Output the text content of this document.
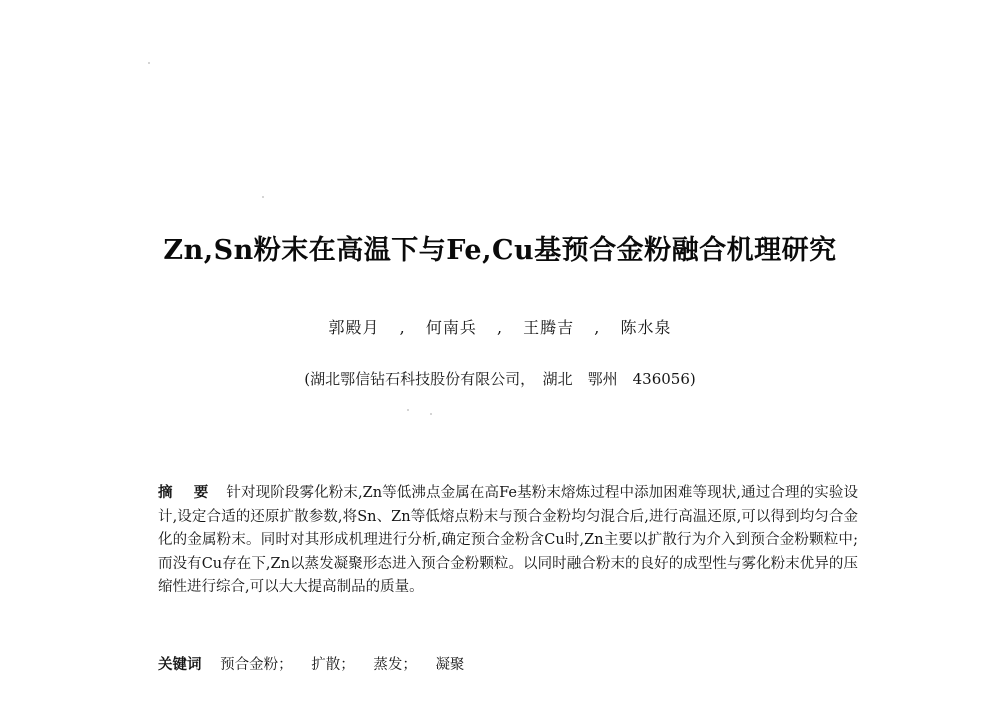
Zn,Sn粉末在高温下与Fe,Cu基预合金粉融合机理研究
郭殿月 , 何南兵 , 王腾吉 , 陈水泉
(湖北鄂信钻石科技股份有限公司，　湖北　鄂州　436056)
摘 要 针对现阶段雾化粉末,Zn等低沸点金属在高Fe基粉末熔炼过程中添加困难等现状,通过合理的实验设计,设定合适的还原扩散参数,将Sn、Zn等低熔点粉末与预合金粉均匀混合后,进行高温还原,可以得到均匀合金化的金属粉末。同时对其形成机理进行分析,确定预合金粉含Cu时,Zn主要以扩散行为介入到预合金粉颗粒中;而没有Cu存在下,Zn以蒸发凝聚形态进入预合金粉颗粒。以同时融合粉末的良好的成型性与雾化粉末优异的压缩性进行综合,可以大大提高制品的质量。
关键词 预合金粉； 扩散； 蒸发； 凝聚
